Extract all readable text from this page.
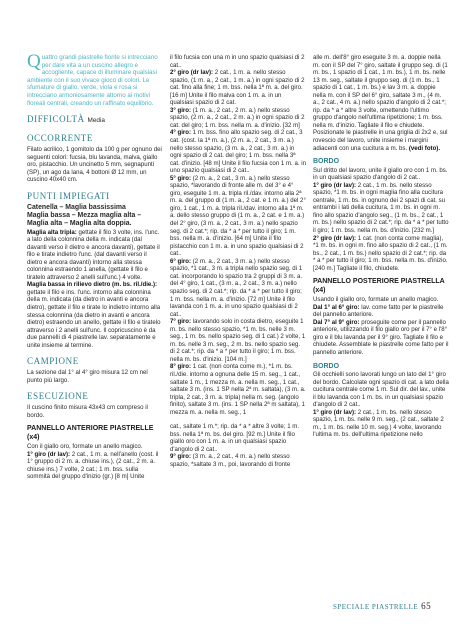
Quattro grandi piastrelle fiorite si intrecciano per dare vita a un cuscino allegro e accogliente, capace di illuminare qualsiasi ambiente con il suo vivace gioco di colori. Le sfumature di giallo, verde, viola e rosa si intrecciano armoniosamente attorno ai motivi floreali centrali, creando un raffinato equilibrio.

DIFFICOLTÀ Media
OCCORRENTE

Filato acrilico, 1 gomitolo da 100 g per ognuno dei seguenti colori: fucsia, blu lavanda, malva, giallo oro, pistacchio. Un uncinetto 5 mm, segnapunti (SP), un ago da lana, 4 bottoni Ø 12 mm, un cuscino 40x40 cm.

PUNTI IMPIEGATI

Catenella – Maglia bassissima

Maglia bassa – Mezza maglia alta – Maglia alta – Maglia alta doppia.

Maglia alta tripla: gettate il filo 3 volte, ins. l'unc. a lato della colonnina della m. indicata (dal davanti verso il dietro e ancora davanti), gettate il filo e tirate indietro l'unc. (dal davanti verso il dietro e ancora davanti) intorno alla stessa colonnina estraendo 1 anella, (gettate il filo e tiratelo attraverso 2 anelli sull'unc.) 4 volte.

Maglia bassa in rilievo dietro (m. bs. ril./die.): gettate il filo e ins. l'unc. intorno alla colonnina della m. indicata (da dietro in avanti e ancora dietro), gettate il filo e tirate lo indietro intorno alla stessa colonnina (da dietro in avanti e ancora dietro) estraendo un anello, gettate il filo e tiratelo attraverso i 2 anelli sull'unc. Il copricuscino è da due pannelli di 4 piastrelle lav. separatamente e unite insieme al termine.

CAMPIONE

La sezione dal 1° al 4° giro misura 12 cm nel punto più largo.

ESECUZIONE

Il cuscino finito misura 43x43 cm compreso il bordo.

PANNELLO ANTERIORE PIASTRELLE (x4)

Con il giallo oro, formate un anello magico.

1° giro (dr lav): 2 cat., 1 m. a. nell'anello (cost. il 1° gruppo di 2 m. a. chiuse ins.), (2 cat., 2 m. a. chiuse ins.) 7 volte, 2 cat.; 1 m. bss. sulla sommità del gruppo d'inizio (gr.) [8 m] Unite

il filo fucsia con una m in uno spazio qualsiasi di 2 cat..

2° giro (dr lav): 2 cat., 1 m. a. nello stesso spazio, (1 m. a., 2 cat., 1 m. a.) in ogni spazio di 2 cat. fino alla fine; 1 m. bss. nella 1ª m. a. del giro. [16 m] Unite il filo malva con 1 m. a. in un qualsiasi spazio di 2 cat.

3° giro: (1 m. a., 2 cat., 2 m. a.) nello stesso spazio, (2 m. a., 2 cat., 2 m. a.) in ogni spazio di 2 cat. del giro; 1 m. bss. nella m. a. d'inizio. [32 m]

4° giro: 1 m. bss. fino allo spazio seg. di 2 cat., 3 cat. (cost. la 1ª m. a.), (2 m. a., 2 cat., 3 m. a.) nello stesso spazio, (3 m. a., 2 cat., 3 m. a.) in ogni spazio di 2 cat. del giro; 1 m. bss. nella 3ª cat. d'inizio. [48 m] Unite il filo fucsia con 1 m. a. in uno spazio qualsiasi di 2 cat..

5° giro: (2 m. a., 2 cat., 3 m. a.) nello stesso spazio, *lavorando di fronte alle m. del 3° e 4° giro, eseguite 1 m. a. tripla ril./dav. intorno alla 2ª m. a. del gruppo di (1 m. a., 2 cat. e 1 m. a.) del 2° giro, 1 cat., 1 m. a. tripla ril./dav. intorno alla 1ª m. a. dello stesso gruppo di (1 m. a., 2 cat. e 1 m. a.) del 2° giro, (3 m. a., 2 cat., 3 m. a.) nello spazio seg. di 2 cat.*; rip. da * a * per tutto il giro; 1 m. bss. nella m. a. d'inizio. [64 m] Unite il filo pistacchio con 1 m. a. in uno spazio qualsiasi di 2 cat..

6° giro: (2 m. a., 2 cat., 3 m. a.) nello stesso spazio, *1 cat., 3 m. a tripla nello spazio seg. di 1 cat. incorporando lo spazio tra 2 gruppi di 3 m. a. del 4° giro, 1 cat., (3 m. a., 2 cat., 3 m. a.) nello spazio seg. di 2 cat.*; rip. da * a * per tutto il giro; 1 m. bss. nella m. a. d'inizio. [72 m] Unite il filo lavanda con 1 m. a. in uno spazio qualsiasi di 2 cat..

7° giro: lavorando solo in costa dietro, eseguite 1 m. bs. nello stesso spazio, *1 m. bs. nelle 3 m. seg., 1 m. bs. nello spazio seg. di 1 cat.) 2 volte, 1 m. bs. nelle 3 m. seg., 2 m. bs. nello spazio seg. di 2 cat.*; rip. da * a * per tutto il giro; 1 m. bss. nella m. bs. d'inizio. [104 m.]

8° giro: 1 cat. (non conta come m.), *1 m. bs. ril./die. intorno a ognuna delle 15 m. seg., 1 cat., saltate 1 m., 1 mezza m. a. nella m. seg., 1 cat., saltate 3 m. (ins. 1 SP nella 2ª m. saltata), (3 m. a. tripla, 2 cat., 3 m. a. tripla) nella m. seg. (angolo finito), saltate 3 m. (ins. 1 SP nella 2ª m saltata), 1 mezza m. a. nella m. seg., 1

cat., saltate 1 m.*; rip. da * a * altre 3 volte; 1 m. bss. nella 1ª m. bs. del giro. [92 m.] Unite il filo giallo oro con 1 m. a. in un qualsiasi spazio d'angolo di 2 cat..

9° giro: (3 m. a., 2 cat., 4 m. a.) nello stesso spazio, *saltate 3 m., poi, lavorando di fronte

alle m. dell'8° giro eseguite 3 m. a. doppie nella m. con il SP del 7° giro, saltate il gruppo seg. di (1 m. bs., 1 spazio di 1 cat., 1 m. bs.), 1 m. bs. nelle 13 m. seg., saltate il gruppo seg. di (1 m. bs., 1 spazio di 1 cat., 1 m. bs.) e lav 3 m. a. doppie nella m. con il SP del 6° giro, saltate 3 m., (4 m. a., 2 cat., 4 m. a.) nello spazio d'angolo di 2 cat.*; rip. da * a * altre 3 volte, omettendo l'ultimo gruppo d'angolo nell'ultima ripetizione; 1 m. bss. nella m. d'inizio. Tagliate il filo e chiudete. Posizionate le piastrelle in una griglia di 2x2 e, sul rovescio del lavoro, unite insieme i margini adiacenti con una cucitura a m. bs. (vedi foto).

BORDO

Sul dritto del lavoro, unite il giallo oro con 1 m. bs. in un qualsiasi spazio d'angolo di 2 cat..

1° giro (dr lav): 2 cat., 1 m. bs. nello stesso spazio, *1 m. bs. in ogni maglia fino alla cucitura centrale, 1 m. bs. in ognuno dei 2 spazi di cat. su entrambi i lati della cucitura, 1 m. bs. in ogni m. fino allo spazio d'angolo seg., (1 m. bs., 2 cat., 1 m. bs.) nello spazio di 2 cat.*; rip. da * a * per tutto il giro; 1 m. bss. nella m. bs. d'inizio. [232 m.]

2° giro (dr lav): 1 cat. (non conta come maglia), *1 m. bs. in ogni m. fino allo spazio di 2 cat., (1 m. bs., 2 cat., 1 m. bs.) nello spazio di 2 cat.*; rip. da * a * per tutto il giro; 1 m. bss. nella m. bs. d'inizio. [240 m.] Tagliate il filo, chiudete.

PANNELLO POSTERIORE PIASTRELLA (x4)

Usando il giallo oro, formate un anello magico.

Dal 1° al 6° giro: lav. come fatto per le piastrelle del pannello anteriore.

Dal 7° al 9° giro: proseguite come per il pannello anteriore, utilizzando il filo giallo oro per il 7° e l'8° giro e il blu lavanda per il 9° giro. Tagliate il filo e chiudete. Assemblate le piastrelle come fatto per il pannello anteriore.

BORDO

Gli occhielli sono lavorati lungo un lato del 1° giro del bordo. Calcolate ogni spazio di cat. a lato della cucitura centrale come 1 m. Sul dir. del lav., unite il blu lavanda con 1 m. bs. in un qualsiasi spazio d'angolo di 2 cat..

1° giro (dr lav): 2 cat., 1 m. bs. nello stesso spazio, 1 m. bs. nelle 9 m. seg., (2 cat., saltate 2 m., 1 m. bs. nelle 10 m. seg.) 4 volte, lavorando l'ultima m. bs. dell'ultima ripetizione nello

SPECIALE PIASTRELLE 65
